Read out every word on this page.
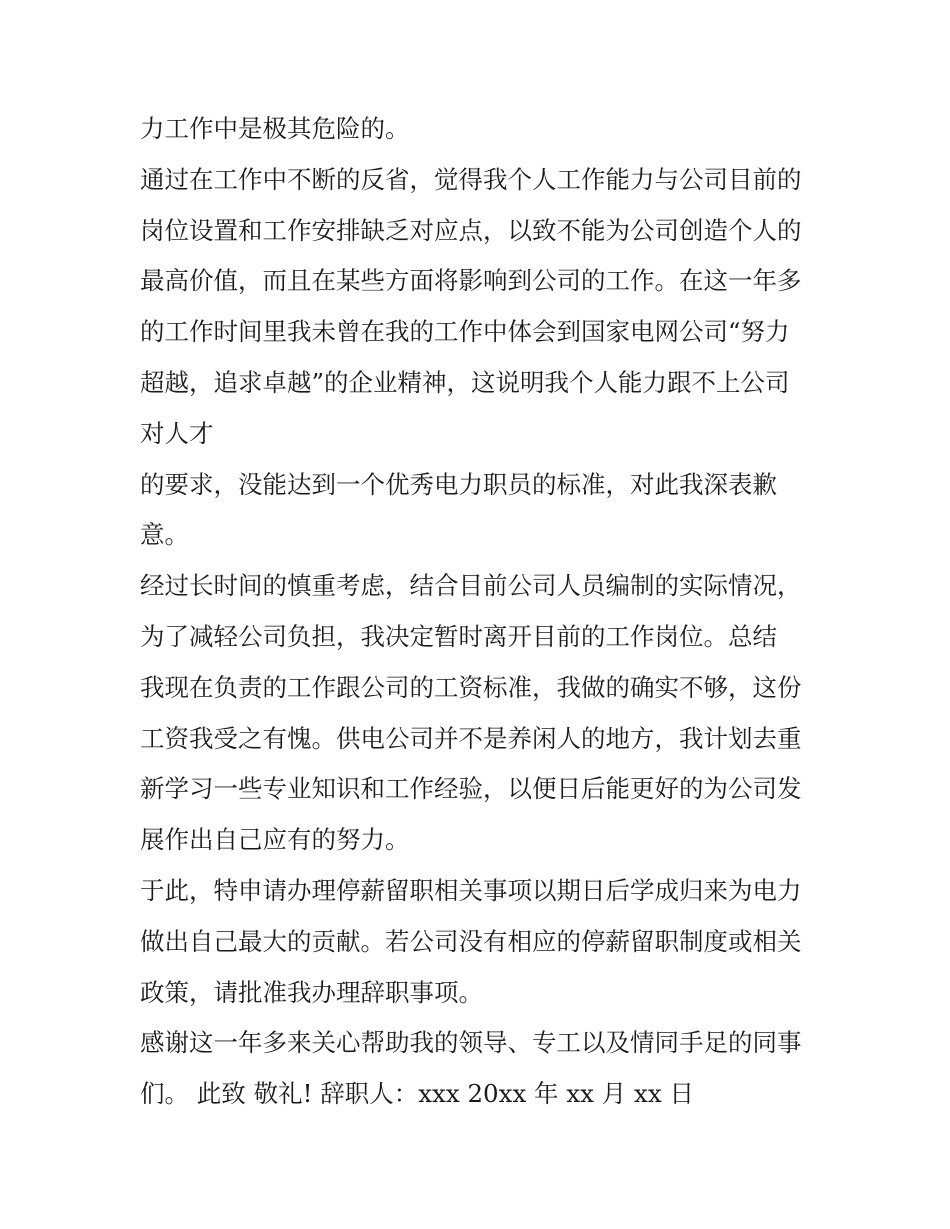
力工作中是极其危险的。
通过在工作中不断的反省，觉得我个人工作能力与公司目前的
岗位设置和工作安排缺乏对应点，以致不能为公司创造个人的
最高价值，而且在某些方面将影响到公司的工作。在这一年多
的工作时间里我未曾在我的工作中体会到国家电网公司“努力
超越，追求卓越”的企业精神，这说明我个人能力跟不上公司
对人才
的要求，没能达到一个优秀电力职员的标准，对此我深表歉
意。
经过长时间的慎重考虑，结合目前公司人员编制的实际情况，
为了减轻公司负担，我决定暂时离开目前的工作岗位。总结
我现在负责的工作跟公司的工资标准，我做的确实不够，这份
工资我受之有愧。供电公司并不是养闲人的地方，我计划去重
新学习一些专业知识和工作经验，以便日后能更好的为公司发
展作出自己应有的努力。
于此，特申请办理停薪留职相关事项以期日后学成归来为电力
做出自己最大的贡献。若公司没有相应的停薪留职制度或相关
政策，请批准我办理辞职事项。
感谢这一年多来关心帮助我的领导、专工以及情同手足的同事
们。 此致 敬礼! 辞职人：xxx 20xx 年 xx 月 xx 日
